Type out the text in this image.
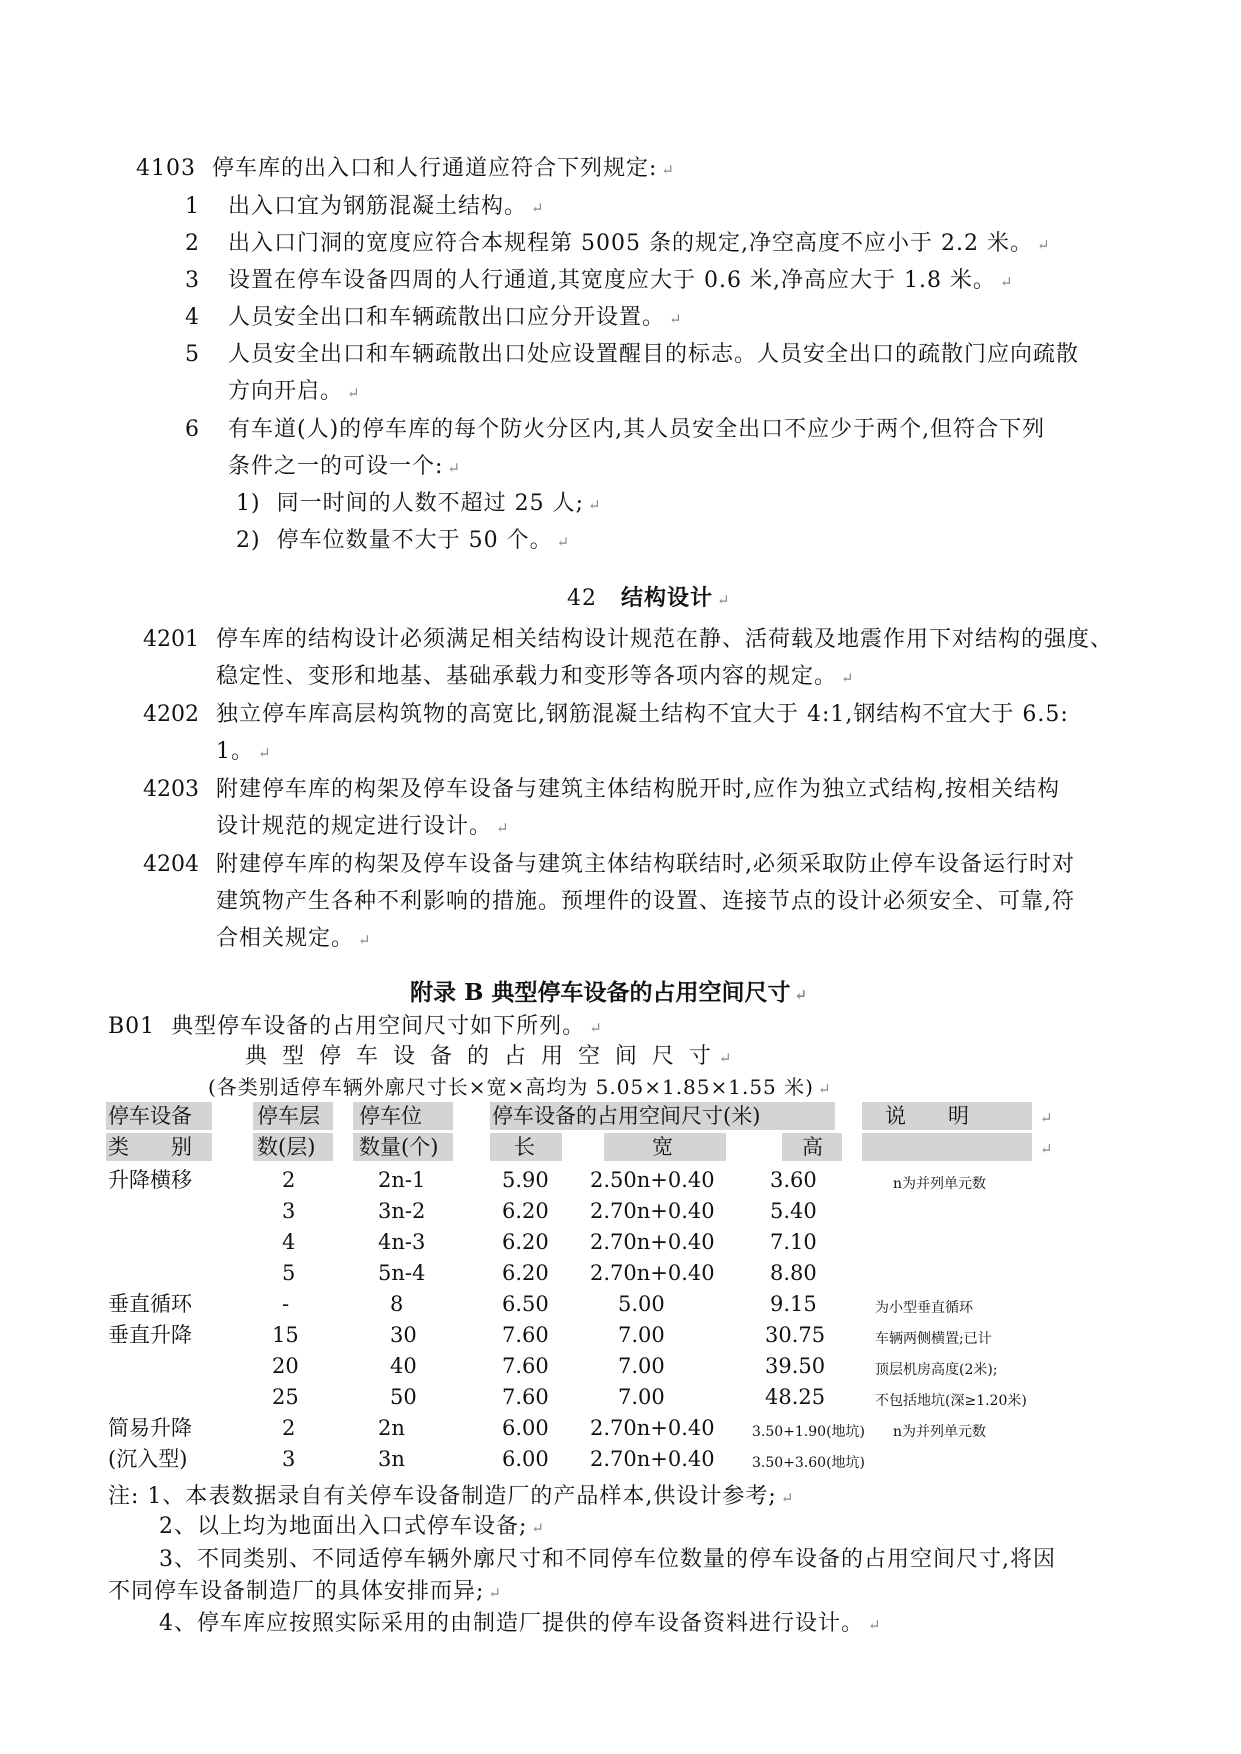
4103 停车库的出入口和人行通道应符合下列规定: ↵
1 出入口宜为钢筋混凝土结构。 ↵
2 出入口门洞的宽度应符合本规程第 5005 条的规定,净空高度不应小于 2.2 米。 ↵
3 设置在停车设备四周的人行通道,其宽度应大于 0.6 米,净高应大于 1.8 米。 ↵
4 人员安全出口和车辆疏散出口应分开设置。 ↵
5 人员安全出口和车辆疏散出口处应设置醒目的标志。人员安全出口的疏散门应向疏散
方向开启。 ↵
6 有车道(人)的停车库的每个防火分区内,其人员安全出口不应少于两个,但符合下列
条件之一的可设一个: ↵
1) 同一时间的人数不超过 25 人; ↵
2) 停车位数量不大于 50 个。 ↵
42 结构设计 ↵
4201 停车库的结构设计必须满足相关结构设计规范在静、活荷载及地震作用下对结构的强度、
稳定性、变形和地基、基础承载力和变形等各项内容的规定。 ↵
4202 独立停车库高层构筑物的高宽比,钢筋混凝土结构不宜大于 4:1,钢结构不宜大于 6.5:
1。 ↵
4203 附建停车库的构架及停车设备与建筑主体结构脱开时,应作为独立式结构,按相关结构
设计规范的规定进行设计。 ↵
4204 附建停车库的构架及停车设备与建筑主体结构联结时,必须采取防止停车设备运行时对
建筑物产生各种不利影响的措施。预埋件的设置、连接节点的设计必须安全、可靠,符
合相关规定。 ↵
附录 B 典型停车设备的占用空间尺寸 ↵
B01 典型停车设备的占用空间尺寸如下所列。 ↵
典 型 停 车 设 备 的 占 用 空 间 尺 寸 ↵
(各类别适停车辆外廓尺寸长×宽×高均为 5.05×1.85×1.55 米) ↵
停车设备	停车层 停车位	停车设备的占用空间尺寸(米)	说　　明	↵
类　　别	数(层) 数量(个)	长	宽	高	↵
升降横移	2	2n-1	5.90 2.50n+0.40	3.60	n为并列单元数
3	3n-2	6.20 2.70n+0.40	5.40
4	4n-3	6.20 2.70n+0.40	7.10
5	5n-4	6.20 2.70n+0.40	8.80
垂直循环	-	8	6.50	5.00	9.15	为小型垂直循环
垂直升降	15	30	7.60	7.00	30.75	车辆两侧横置;已计
20	40	7.60	7.00	39.50	顶层机房高度(2米);
25	50	7.60	7.00	48.25	不包括地坑(深≥1.20米)
简易升降	2	2n	6.00 2.70n+0.40	3.50+1.90(地坑) n为并列单元数
(沉入型)	3	3n	6.00 2.70n+0.40	3.50+3.60(地坑)
注: 1、本表数据录自有关停车设备制造厂的产品样本,供设计参考; ↵
2、以上均为地面出入口式停车设备; ↵
3、不同类别、不同适停车辆外廓尺寸和不同停车位数量的停车设备的占用空间尺寸,将因
不同停车设备制造厂的具体安排而异; ↵
4、停车库应按照实际采用的由制造厂提供的停车设备资料进行设计。 ↵
